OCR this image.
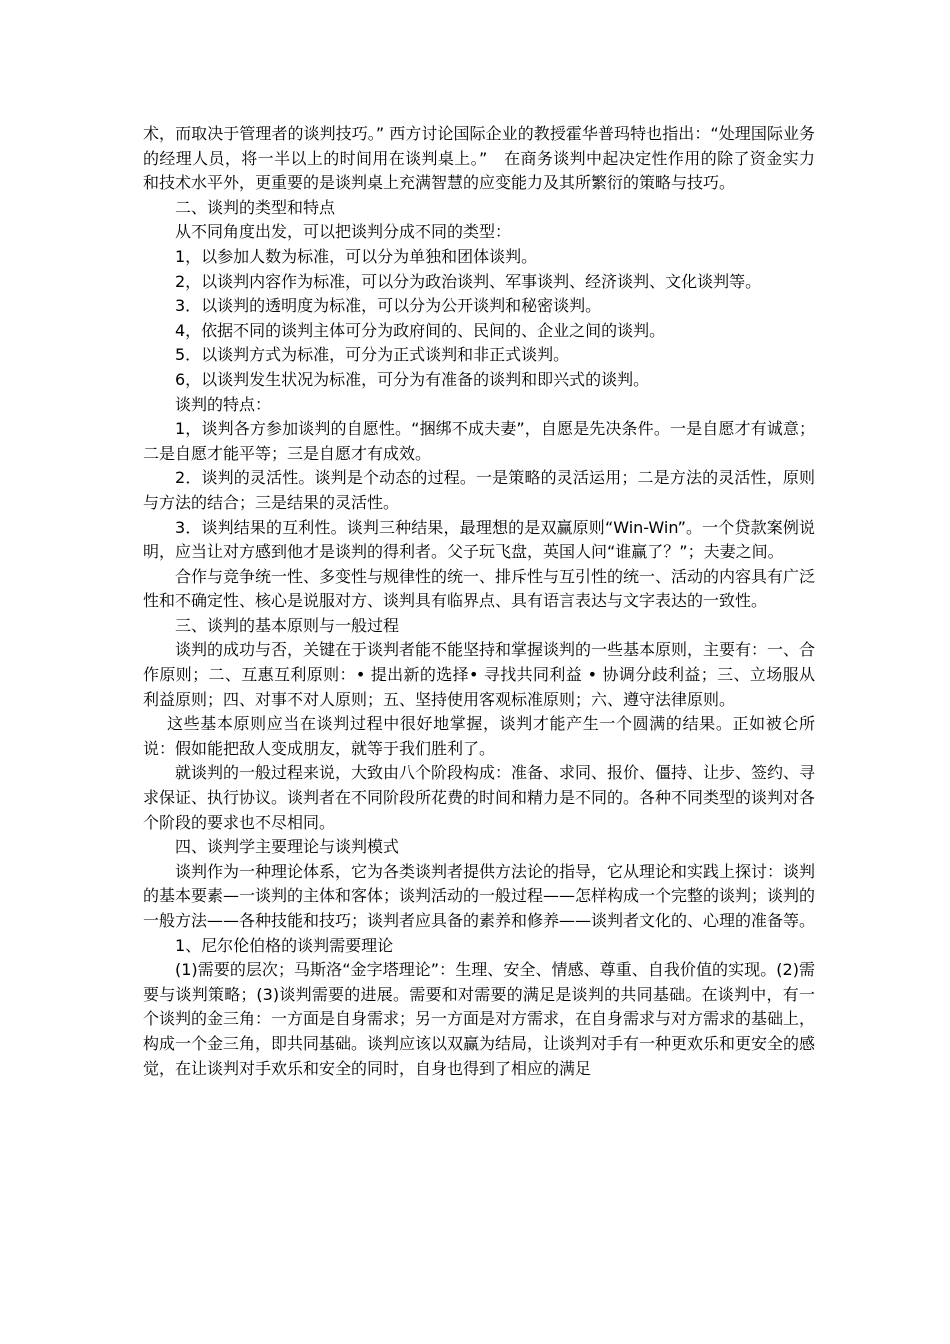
术，而取决于管理者的谈判技巧。” 西方讨论国际企业的教授霍华普玛特也指出：“处理国际业务的经理人员，将一半以上的时间用在谈判桌上。”　在商务谈判中起决定性作用的除了资金实力和技术水平外，更重要的是谈判桌上充满智慧的应变能力及其所繁衍的策略与技巧。

二、谈判的类型和特点

从不同角度出发，可以把谈判分成不同的类型：

1，以参加人数为标准，可以分为单独和团体谈判。

2，以谈判内容作为标准，可以分为政治谈判、军事谈判、经济谈判、文化谈判等。

3．以谈判的透明度为标准，可以分为公开谈判和秘密谈判。

4，依据不同的谈判主体可分为政府间的、民间的、企业之间的谈判。

5．以谈判方式为标准，可分为正式谈判和非正式谈判。

6，以谈判发生状况为标准，可分为有准备的谈判和即兴式的谈判。

谈判的特点：

1，谈判各方参加谈判的自愿性。“捆绑不成夫妻”，自愿是先决条件。一是自愿才有诚意；二是自愿才能平等；三是自愿才有成效。

2．谈判的灵活性。谈判是个动态的过程。一是策略的灵活运用；二是方法的灵活性，原则与方法的结合；三是结果的灵活性。

3．谈判结果的互利性。谈判三种结果，最理想的是双赢原则“Win-Win”。一个贷款案例说明，应当让对方感到他才是谈判的得利者。父子玩飞盘，英国人问“谁赢了？”；夫妻之间。

合作与竞争统一性、多变性与规律性的统一、排斥性与互引性的统一、活动的内容具有广泛性和不确定性、核心是说服对方、谈判具有临界点、具有语言表达与文字表达的一致性。

三、谈判的基本原则与一般过程

谈判的成功与否，关键在于谈判者能不能坚持和掌握谈判的一些基本原则，主要有：一、合作原则；二、互惠互利原则：• 提出新的选择• 寻找共同利益 • 协调分歧利益；三、立场服从利益原则；四、对事不对人原则；五、坚持使用客观标准原则；六、遵守法律原则。

这些基本原则应当在谈判过程中很好地掌握，谈判才能产生一个圆满的结果。正如被仑所说：假如能把敌人变成朋友，就等于我们胜利了。

就谈判的一般过程来说，大致由八个阶段构成：准备、求同、报价、僵持、让步、签约、寻求保证、执行协议。谈判者在不同阶段所花费的时间和精力是不同的。各种不同类型的谈判对各个阶段的要求也不尽相同。

四、谈判学主要理论与谈判模式

谈判作为一种理论体系，它为各类谈判者提供方法论的指导，它从理论和实践上探讨：谈判的基本要素—一谈判的主体和客体；谈判活动的一般过程——怎样构成一个完整的谈判；谈判的一般方法——各种技能和技巧；谈判者应具备的素养和修养——谈判者文化的、心理的准备等。

1、尼尔伦伯格的谈判需要理论

(1)需要的层次；马斯洛“金字塔理论”：生理、安全、情感、尊重、自我价值的实现。(2)需要与谈判策略；(3)谈判需要的进展。需要和对需要的满足是谈判的共同基础。在谈判中，有一个谈判的金三角：一方面是自身需求；另一方面是对方需求，在自身需求与对方需求的基础上，构成一个金三角，即共同基础。谈判应该以双赢为结局，让谈判对手有一种更欢乐和更安全的感觉，在让谈判对手欢乐和安全的同时，自身也得到了相应的满足
